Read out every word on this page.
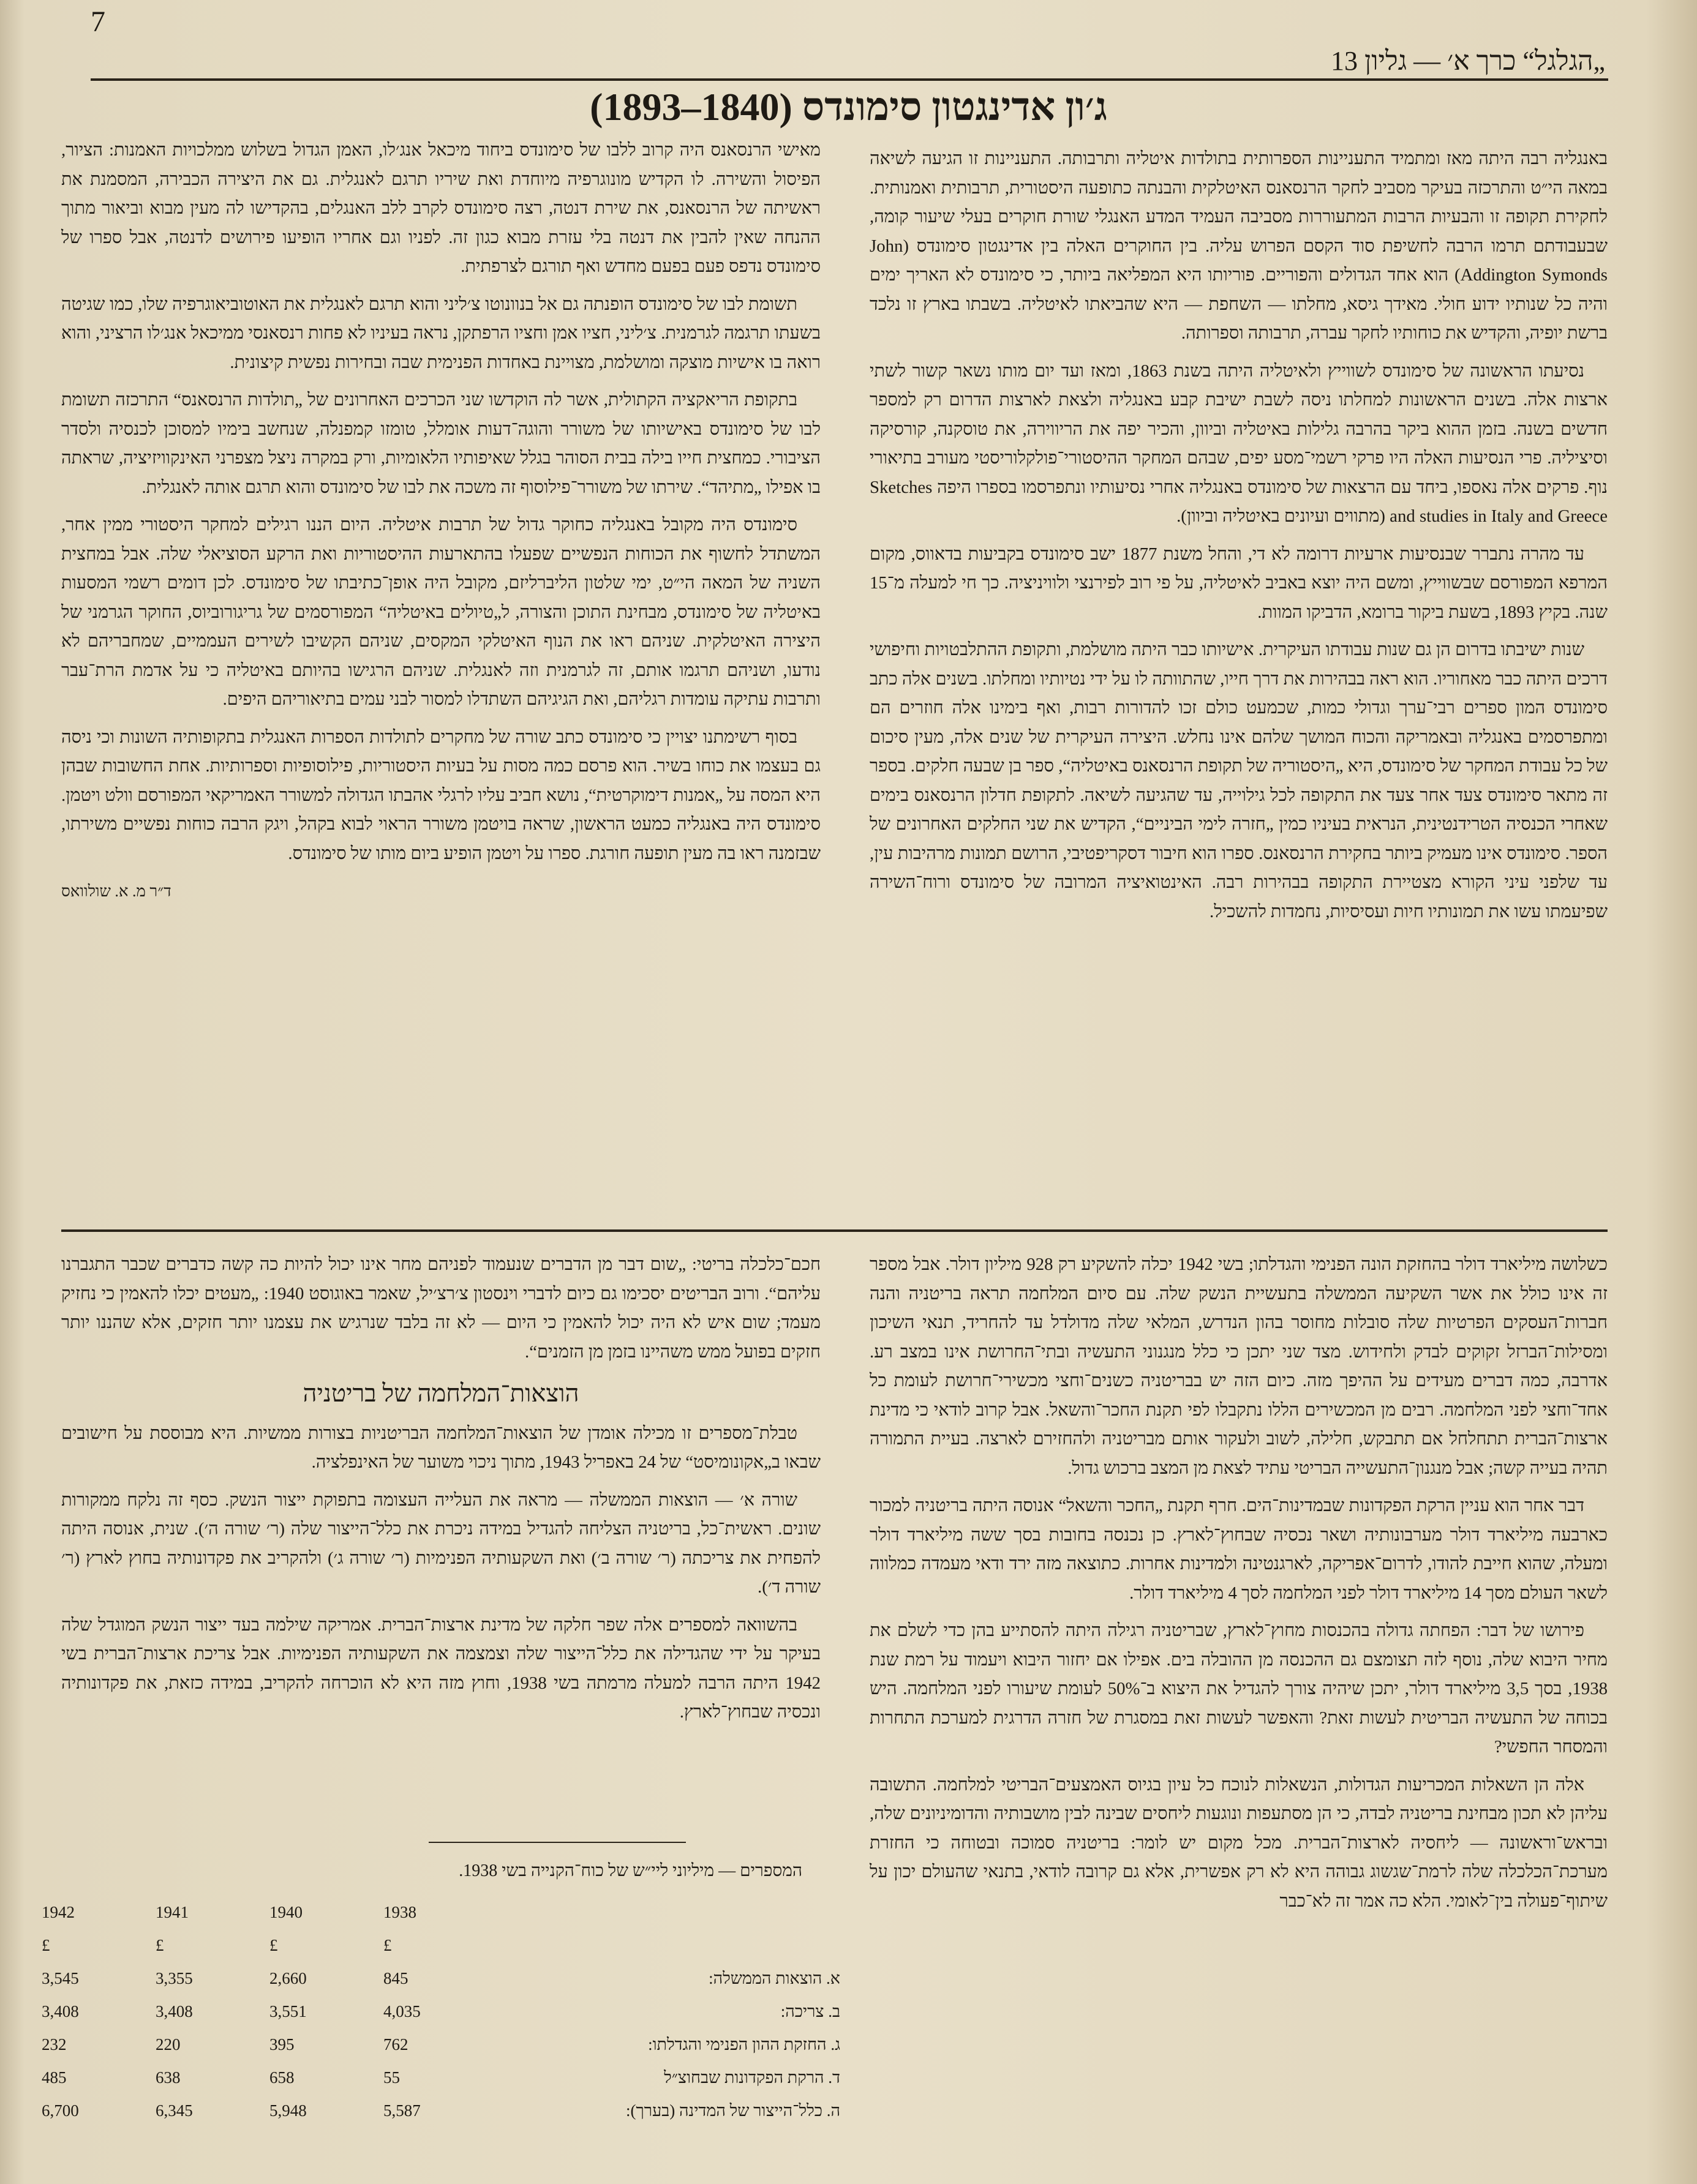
7
„הגלגל“ כרך א׳ — גליון 13
ג׳ון אדינגטון סימונדס (1840–1893)

באנגליה רבה היתה מאז ומתמיד התעניינות הספרותית בתולדות איטליה ותרבותה. התעניינות זו הגיעה לשיאה במאה הי״ט והתרכזה בעיקר מסביב לחקר הרנסאנס האיטלקית והבנתה כתופעה היסטורית, תרבותית ואמנותית. לחקירת תקופה זו והבעיות הרבות המתעוררות מסביבה העמיד המדע האנגלי שורת חוקרים בעלי שיעור קומה, שבעבודתם תרמו הרבה לחשיפת סוד הקסם הפרוש עליה. בין החוקרים האלה בין אדינגטון סימונדס (John Addington Symonds) הוא אחד הגדולים והפוריים. פוריותו היא המפליאה ביותר, כי סימונדס לא האריך ימים והיה כל שנותיו ידוע חולי. מאידך גיסא, מחלתו — השחפת — היא שהביאתו לאיטליה. בשבתו בארץ זו נלכד ברשת יופיה, והקדיש את כוחותיו לחקר עברה, תרבותה וספרותה.

נסיעתו הראשונה של סימונדס לשווייץ ולאיטליה היתה בשנת 1863, ומאז ועד יום מותו נשאר קשור לשתי ארצות אלה. בשנים הראשונות למחלתו ניסה לשבת ישיבת קבע באנגליה ולצאת לארצות הדרום רק למספר חדשים בשנה. בזמן ההוא ביקר בהרבה גלילות באיטליה וביוון, והכיר יפה את הריווירה, את טוסקנה, קורסיקה וסיציליה. פרי הנסיעות האלה היו פרקי רשמי־מסע יפים, שבהם המחקר ההיסטורי־פולקלוריסטי מעורב בתיאורי נוף. פרקים אלה נאספו, ביחד עם הרצאות של סימונדס באנגליה אחרי נסיעותיו ונתפרסמו בספרו היפה Sketches and studies in Italy and Greece (מתווים ועיונים באיטליה וביוון).

עד מהרה נתברר שבנסיעות ארעיות דרומה לא די, והחל משנת 1877 ישב סימונדס בקביעות בדאווס, מקום המרפא המפורסם שבשווייץ, ומשם היה יוצא באביב לאיטליה, על פי רוב לפירנצי ולוויניציה. כך חי למעלה מ־15 שנה. בקיץ 1893, בשעת ביקור ברומא, הדביקו המוות.

שנות ישיבתו בדרום הן גם שנות עבודתו העיקרית. אישיותו כבר היתה מושלמת, ותקופת ההתלבטויות וחיפושי דרכים היתה כבר מאחוריו. הוא ראה בבהירות את דרך חייו, שהתוותה לו על ידי נטיותיו ומחלתו. בשנים אלה כתב סימונדס המון ספרים רבי־ערך וגדולי כמות, שכמעט כולם זכו להדורות רבות, ואף בימינו אלה חוזרים הם ומתפרסמים באנגליה ובאמריקה והכוח המושך שלהם אינו נחלש. היצירה העיקרית של שנים אלה, מעין סיכום של כל עבודת המחקר של סימונדס, היא „היסטוריה של תקופת הרנסאנס באיטליה“, ספר בן שבעה חלקים. בספר זה מתאר סימונדס צעד אחר צעד את התקופה לכל גילוייה, עד שהגיעה לשיאה. לתקופת חדלון הרנסאנס בימים שאחרי הכנסיה הטרידנטינית, הנראית בעיניו כמין „חזרה לימי הביניים“, הקדיש את שני החלקים האחרונים של הספר. סימונדס אינו מעמיק ביותר בחקירת הרנסאנס. ספרו הוא חיבור דסקריפטיבי, הרושם תמונות מרהיבות עין, עד שלפני עיני הקורא מצטיירת התקופה בבהירות רבה. האינטואיציה המרובה של סימונדס ורוח־השירה שפיעמתו עשו את תמונותיו חיות ועסיסיות, נחמדות להשכיל.

מאישי הרנסאנס היה קרוב ללבו של סימונדס ביחוד מיכאל אנג׳לו, האמן הגדול בשלוש ממלכויות האמנות: הציור, הפיסול והשירה. לו הקדיש מונוגרפיה מיוחדת ואת שיריו תרגם לאנגלית. גם את היצירה הכבירה, המסמנת את ראשיתה של הרנסאנס, את שירת דנטה, רצה סימונדס לקרב ללב האנגלים, בהקדישו לה מעין מבוא וביאור מתוך ההנחה שאין להבין את דנטה בלי עזרת מבוא כגון זה. לפניו וגם אחריו הופיעו פירושים לדנטה, אבל ספרו של סימונדס נדפס פעם בפעם מחדש ואף תורגם לצרפתית.

תשומת לבו של סימונדס הופנתה גם אל בנוונוטו צ׳ליני והוא תרגם לאנגלית את האוטוביאוגרפיה שלו, כמו שגיטה בשעתו תרגמה לגרמנית. צ׳ליני, חציו אמן וחציו הרפתקן, נראה בעיניו לא פחות רנסאנסי ממיכאל אנג׳לו הרציני, והוא רואה בו אישיות מוצקה ומושלמת, מצויינת באחדות הפנימית שבה ובחירות נפשית קיצונית.

בתקופת הריאקציה הקתולית, אשר לה הוקדשו שני הכרכים האחרונים של „תולדות הרנסאנס“ התרכזה תשומת לבו של סימונדס באישיותו של משורר והוגה־דעות אומלל, טומזו קמפנלה, שנחשב בימיו למסוכן לכנסיה ולסדר הציבורי. כמחצית חייו בילה בבית הסוהר בגלל שאיפותיו הלאומיות, ורק במקרה ניצל מצפרני האינקוויזיציה, שראתה בו אפילו „מתיהד“. שירתו של משורר־פילוסוף זה משכה את לבו של סימונדס והוא תרגם אותה לאנגלית.

סימונדס היה מקובל באנגליה כחוקר גדול של תרבות איטליה. היום הננו רגילים למחקר היסטורי ממין אחר, המשתדל לחשוף את הכוחות הנפשיים שפעלו בהתארעות ההיסטוריות ואת הרקע הסוציאלי שלה. אבל במחצית השניה של המאה הי״ט, ימי שלטון הליברליזם, מקובל היה אופן־כתיבתו של סימונדס. לכן דומים רשמי המסעות באיטליה של סימונדס, מבחינת התוכן והצורה, ל„טיולים באיטליה“ המפורסמים של גריגורוביוס, החוקר הגרמני של היצירה האיטלקית. שניהם ראו את הנוף האיטלקי המקסים, שניהם הקשיבו לשירים העממיים, שמחבריהם לא נודעו, ושניהם תרגמו אותם, זה לגרמנית וזה לאנגלית. שניהם הרגישו בהיותם באיטליה כי על אדמת הרת־עבר ותרבות עתיקה עומדות רגליהם, ואת הגיגיהם השתדלו למסור לבני עמים בתיאוריהם היפים.

בסוף רשימתנו יצויין כי סימונדס כתב שורה של מחקרים לתולדות הספרות האנגלית בתקופותיה השונות וכי ניסה גם בעצמו את כוחו בשיר. הוא פרסם כמה מסות על בעיות היסטוריות, פילוסופיות וספרותיות. אחת החשובות שבהן היא המסה על „אמנות דימוקרטית“, נושא חביב עליו לרגלי אהבתו הגדולה למשורר האמריקאי המפורסם וולט ויטמן. סימונדס היה באנגליה כמעט הראשון, שראה בויטמן משורר הראוי לבוא בקהל, ויגק הרבה כוחות נפשיים משירתו, שבזמנה ראו בה מעין תופעה חורגת. ספרו על ויטמן הופיע ביום מותו של סימונדס.

ד״ר מ. א. שולוואס

כשלושה מיליארד דולר בהחזקת הונה הפנימי והגדלתו; בשי 1942 יכלה להשקיע רק 928 מיליון דולר. אבל מספר זה אינו כולל את אשר השקיעה הממשלה בתעשיית הנשק שלה. עם סיום המלחמה תראה בריטניה והנה חברות־העסקים הפרטיות שלה סובלות מחוסר בהון הנדרש, המלאי שלה מדולדל עד להחריד, תנאי השיכון ומסילות־הברזל זקוקים לבדק ולחידוש. מצד שני יתכן כי כלל מנגנוני התעשיה ובתי־החרושת אינו במצב רע. אדרבה, כמה דברים מעידים על ההיפך מזה. כיום הזה יש בבריטניה כשנים־וחצי מכשירי־חרושת לעומת כל אחד־וחצי לפני המלחמה. רבים מן המכשירים הללו נתקבלו לפי תקנת החכר־והשאל. אבל קרוב לודאי כי מדינת ארצות־הברית תתחלחל אם תתבקש, חלילה, לשוב ולעקור אותם מבריטניה ולהחזירם לארצה. בעיית התמורה תהיה בעייה קשה; אבל מנגנון־התעשייה הבריטי עתיד לצאת מן המצב ברכוש גדול.

דבר אחר הוא עניין הרקת הפקדונות שבמדינות־הים. חרף תקנת „החכר והשאל“ אנוסה היתה בריטניה למכור כארבעה מיליארד דולר מערבונותיה ושאר נכסיה שבחוץ־לארץ. כן נכנסה בחובות בסך ששה מיליארד דולר ומעלה, שהוא חייבת להודו, לדרום־אפריקה, לארגנטינה ולמדינות אחרות. כתוצאה מזה ירד ודאי מעמדה כמלווה לשאר העולם מסך 14 מיליארד דולר לפני המלחמה לסך 4 מיליארד דולר.

פירושו של דבר: הפחתה גדולה בהכנסות מחוץ־לארץ, שבריטניה רגילה היתה להסתייע בהן כדי לשלם את מחיר היבוא שלה, נוסף לזה תצומצם גם ההכנסה מן ההובלה בים. אפילו אם יחזור היבוא ויעמוד על רמת שנת 1938, בסך 3,5 מיליארד דולר, יתכן שיהיה צורך להגדיל את היצוא ב־50% לעומת שיעורו לפני המלחמה. היש בכוחה של התעשיה הבריטית לעשות זאת? והאפשר לעשות זאת במסגרת של חזרה הדרגית למערכת התחרות והמסחר החפשי?

אלה הן השאלות המכריעות הגדולות, הנשאלות לנוכח כל עיון בגיוס האמצעים־הבריטי למלחמה. התשובה עליהן לא תכון מבחינת בריטניה לבדה, כי הן מסתעפות ונוגעות ליחסים שבינה לבין מושבותיה והדומיניונים שלה, ובראש־וראשונה — ליחסיה לארצות־הברית. מכל מקום יש לומר: בריטניה סמוכה ובטוחה כי החזרת מערכת־הכלכלה שלה לרמת־שגשוג גבוהה היא לא רק אפשרית, אלא גם קרובה לודאי, בתנאי שהעולם יכון על שיתוף־פעולה בין־לאומי. הלא כה אמר זה לא־כבר

חכם־כלכלה בריטי: „שום דבר מן הדברים שנעמוד לפניהם מחר אינו יכול להיות כה קשה כדברים שכבר התגברנו עליהם“. ורוב הבריטים יסכימו גם כיום לדברי וינסטון צ׳רצ׳יל, שאמר באוגוסט 1940: „מעטים יכלו להאמין כי נחזיק מעמד; שום איש לא היה יכול להאמין כי היום — לא זה בלבד שנרגיש את עצמנו יותר חזקים, אלא שהננו יותר חזקים בפועל ממש משהיינו בזמן מן הזמנים“.

הוצאות־המלחמה של בריטניה

טבלת־מספרים זו מכילה אומדן של הוצאות־המלחמה הבריטניות בצורות ממשיות. היא מבוססת על חישובים שבאו ב„אקונומיסט“ של 24 באפריל 1943, מתוך ניכוי משוער של האינפלציה.

שורה א׳ — הוצאות הממשלה — מראה את העלייה העצומה בתפוקת ייצור הנשק. כסף זה נלקח ממקורות שונים. ראשית־כל, בריטניה הצליחה להגדיל במידה ניכרת את כלל־הייצור שלה (ר׳ שורה ה׳). שנית, אנוסה היתה להפחית את צריכתה (ר׳ שורה ב׳) ואת השקעותיה הפנימיות (ר׳ שורה ג׳) ולהקריב את פקדונותיה בחוץ לארץ (ר׳ שורה ד׳).

בהשוואה למספרים אלה שפר חלקה של מדינת ארצות־הברית. אמריקה שילמה בעד ייצור הנשק המוגדל שלה בעיקר על ידי שהגדילה את כלל־הייצור שלה וצמצמה את השקעותיה הפנימיות. אבל צריכת ארצות־הברית בשי 1942 היתה הרבה למעלה מרמתה בשי 1938, וחוץ מזה היא לא הוכרחה להקריב, במידה כזאת, את פקדונותיה ונכסיה שבחוץ־לארץ.

המספרים — מיליוני ליי״ש של כוח־הקנייה בשי 1938.
	1938	1940	1941	1942
	£	£	£	£
א. הוצאות הממשלה:	845	2,660	3,355	3,545
ב. צריכה:	4,035	3,551	3,408	3,408
ג. החזקת ההון הפנימי והגדלתו:	762	395	220	232
ד. הרקת הפקדונות שבחוצ״ל	55	658	638	485
ה. כלל־הייצור של המדינה (בערך):	5,587	5,948	6,345	6,700
